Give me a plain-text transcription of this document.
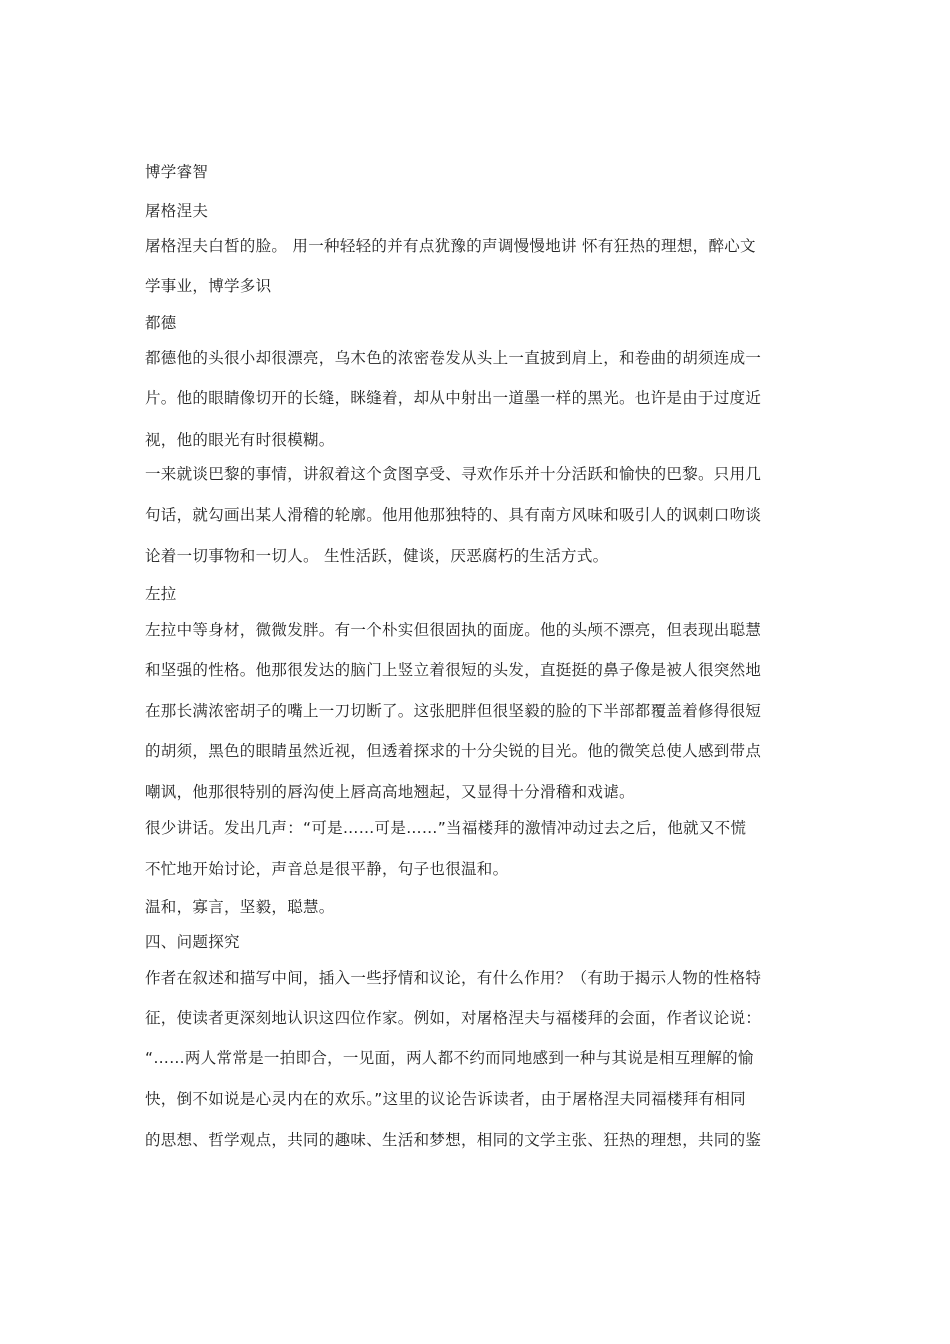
博学睿智
屠格涅夫
屠格涅夫白皙的脸。 用一种轻轻的并有点犹豫的声调慢慢地讲 怀有狂热的理想，醉心文
学事业，博学多识
都德
都德他的头很小却很漂亮，乌木色的浓密卷发从头上一直披到肩上，和卷曲的胡须连成一
片。他的眼睛像切开的长缝，眯缝着，却从中射出一道墨一样的黑光。也许是由于过度近
视，他的眼光有时很模糊。
一来就谈巴黎的事情，讲叙着这个贪图享受、寻欢作乐并十分活跃和愉快的巴黎。只用几
句话，就勾画出某人滑稽的轮廓。他用他那独特的、具有南方风味和吸引人的讽刺口吻谈
论着一切事物和一切人。 生性活跃，健谈，厌恶腐朽的生活方式。
左拉
左拉中等身材，微微发胖。有一个朴实但很固执的面庞。他的头颅不漂亮，但表现出聪慧
和坚强的性格。他那很发达的脑门上竖立着很短的头发，直挺挺的鼻子像是被人很突然地
在那长满浓密胡子的嘴上一刀切断了。这张肥胖但很坚毅的脸的下半部都覆盖着修得很短
的胡须，黑色的眼睛虽然近视，但透着探求的十分尖锐的目光。他的微笑总使人感到带点
嘲讽，他那很特别的唇沟使上唇高高地翘起，又显得十分滑稽和戏谑。
很少讲话。发出几声：“可是……可是……”当福楼拜的激情冲动过去之后，他就又不慌
不忙地开始讨论，声音总是很平静，句子也很温和。
温和，寡言，坚毅，聪慧。
四、问题探究
作者在叙述和描写中间，插入一些抒情和议论，有什么作用？（有助于揭示人物的性格特
征，使读者更深刻地认识这四位作家。例如，对屠格涅夫与福楼拜的会面，作者议论说：
“……两人常常是一拍即合，一见面，两人都不约而同地感到一种与其说是相互理解的愉
快，倒不如说是心灵内在的欢乐。”这里的议论告诉读者，由于屠格涅夫同福楼拜有相同
的思想、哲学观点，共同的趣味、生活和梦想，相同的文学主张、狂热的理想，共同的鉴
